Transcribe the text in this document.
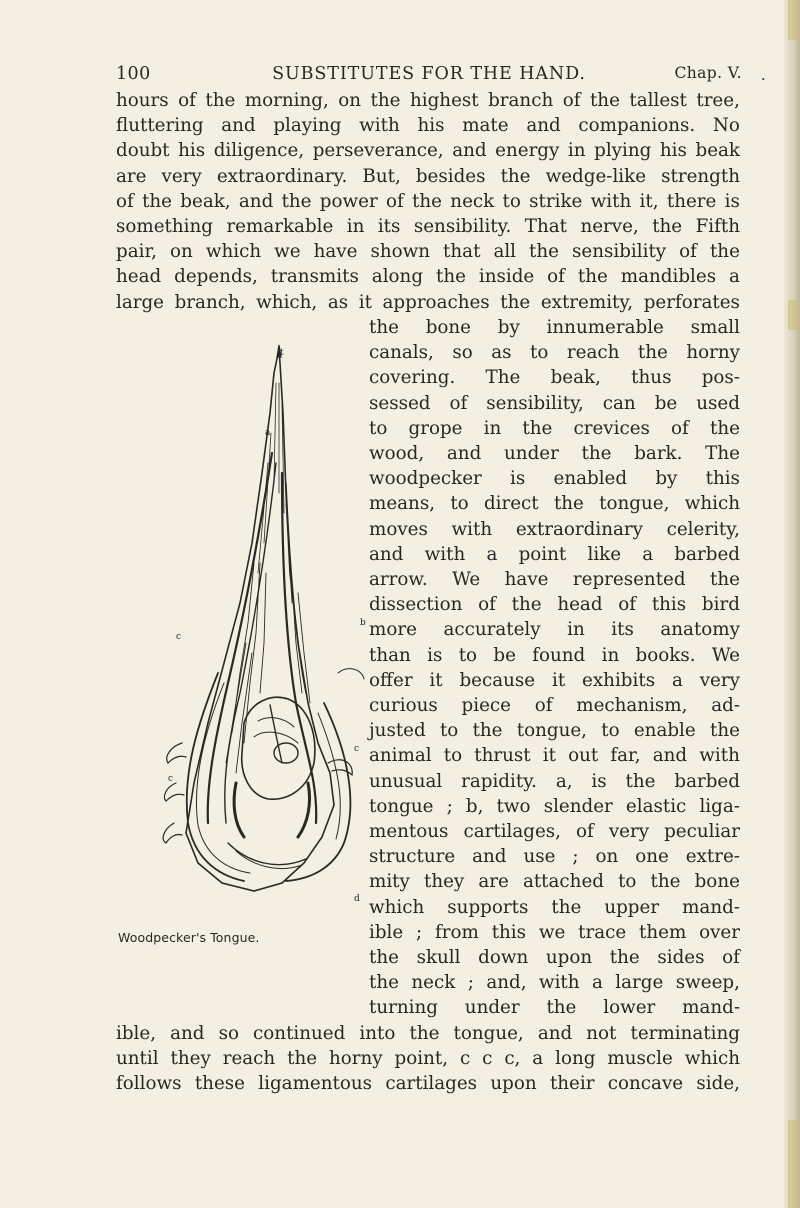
100	SUBSTITUTES FOR THE HAND.	Chap. V. .
hours of the morning, on the highest branch of the tallest tree,
fluttering and playing with his mate and companions. No
doubt his diligence, perseverance, and energy in plying his beak
are very extraordinary. But, besides the wedge-like strength
of the beak, and the power of the neck to strike with it, there is
something remarkable in its sensibility. That nerve, the Fifth
pair, on which we have shown that all the sensibility of the
head depends, transmits along the inside of the mandibles a
large branch, which, as it approaches the extremity, perforates
the bone by innumerable small
canals, so as to reach the horny
covering. The beak, thus pos-
sessed of sensibility, can be used
to grope in the crevices of the
wood, and under the bark. The
woodpecker is enabled by this
means, to direct the tongue, which
moves with extraordinary celerity,
and with a point like a barbed
arrow. We have represented the
dissection of the head of this bird
more accurately in its anatomy
than is to be found in books. We
offer it because it exhibits a very
curious piece of mechanism, ad-
justed to the tongue, to enable the
animal to thrust it out far, and with
unusual rapidity. a, is the barbed
tongue ; b, two slender elastic liga-
mentous cartilages, of very peculiar
structure and use ; on one extre-
mity they are attached to the bone
which supports the upper mand-
ible ; from this we trace them over
the skull down upon the sides of
the neck ; and, with a large sweep,
turning under the lower mand-
ible, and so continued into the tongue, and not terminating
until they reach the horny point, c c c, a long muscle which
follows these ligamentous cartilages upon their concave side,
t
a
b
c
c
c
d
Woodpecker's Tongue.
